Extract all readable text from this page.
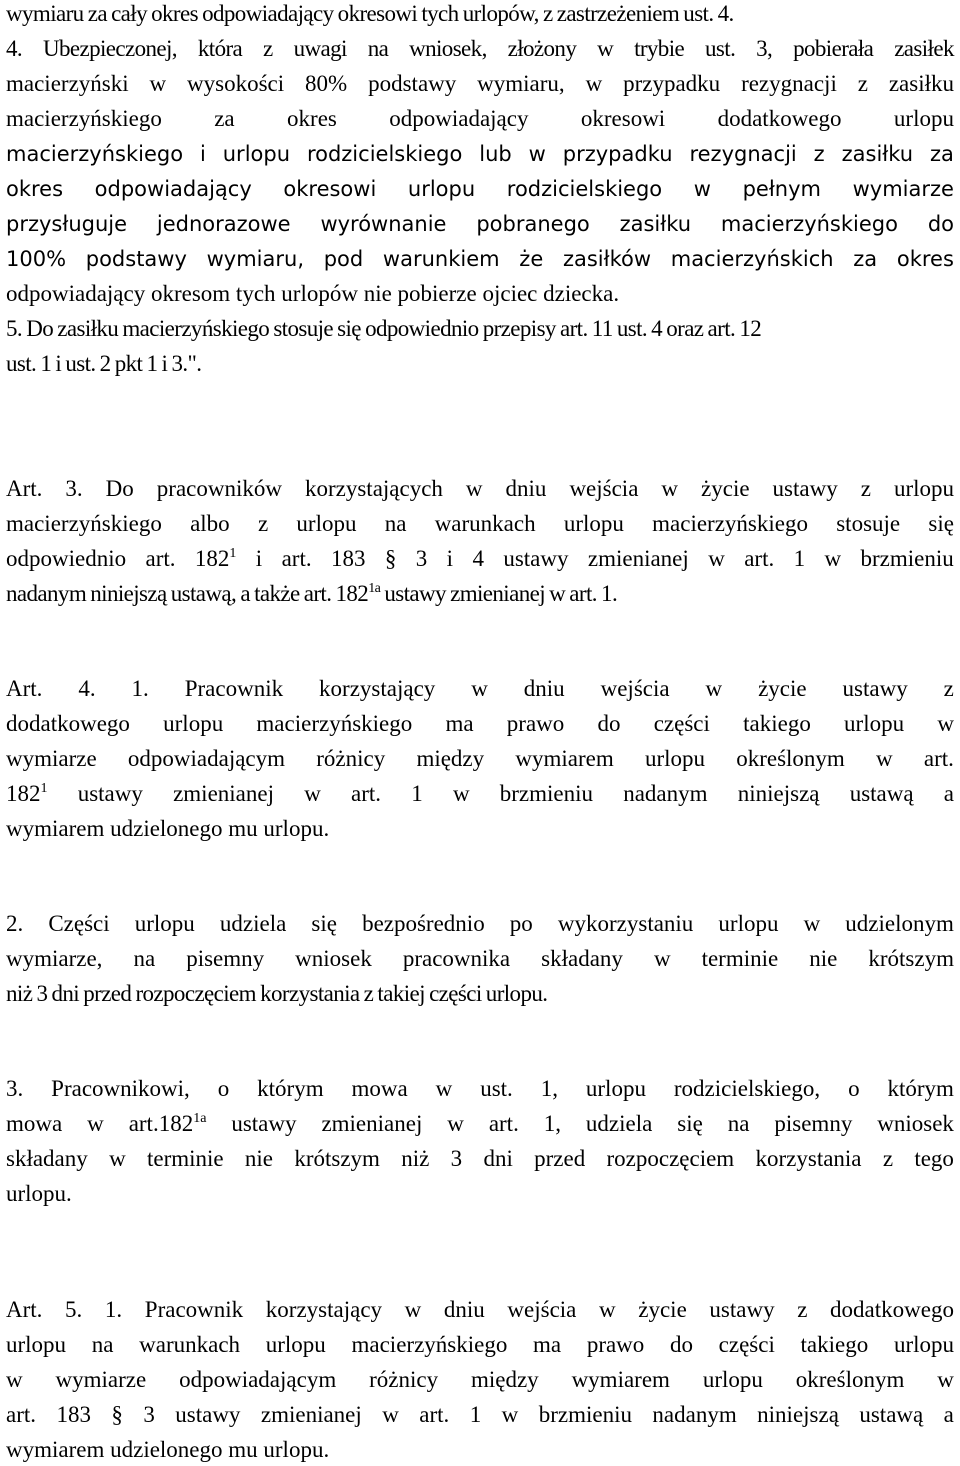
wymiaru za cały okres odpowiadający okresowi tych urlopów, z zastrzeżeniem ust. 4.
4. Ubezpieczonej, która z uwagi na wniosek, złożony w trybie ust. 3, pobierała zasiłek
macierzyński w wysokości 80% podstawy wymiaru, w przypadku rezygnacji z zasiłku
macierzyńskiego za okres odpowiadający okresowi dodatkowego urlopu
macierzyńskiego i urlopu rodzicielskiego lub w przypadku rezygnacji z zasiłku za
okres odpowiadający okresowi urlopu rodzicielskiego w pełnym wymiarze
przysługuje jednorazowe wyrównanie pobranego zasiłku macierzyńskiego do
100% podstawy wymiaru, pod warunkiem że zasiłków macierzyńskich za okres
odpowiadający okresom tych urlopów nie pobierze ojciec dziecka.
5. Do zasiłku macierzyńskiego stosuje się odpowiednio przepisy art. 11 ust. 4 oraz art. 12
ust. 1 i ust. 2 pkt 1 i 3.".
Art. 3. Do pracowników korzystających w dniu wejścia w życie ustawy z urlopu
macierzyńskiego albo z urlopu na warunkach urlopu macierzyńskiego stosuje się
odpowiednio art. $182^1$ i art. 183 § 3 i 4 ustawy zmienianej w art. 1 w brzmieniu
nadanym niniejszą ustawą, a także art. $182^{1a}$ ustawy zmienianej w art. 1.
Art. 4. 1. Pracownik korzystający w dniu wejścia w życie ustawy z
dodatkowego urlopu macierzyńskiego ma prawo do części takiego urlopu w
wymiarze odpowiadającym różnicy między wymiarem urlopu określonym w art.
$182^1$ ustawy zmienianej w art. 1 w brzmieniu nadanym niniejszą ustawą a
wymiarem udzielonego mu urlopu.
2. Części urlopu udziela się bezpośrednio po wykorzystaniu urlopu w udzielonym
wymiarze, na pisemny wniosek pracownika składany w terminie nie krótszym
niż 3 dni przed rozpoczęciem korzystania z takiej części urlopu.
3. Pracownikowi, o którym mowa w ust. 1, urlopu rodzicielskiego, o którym
mowa w $art.182^{1a}$ ustawy zmienianej w art. 1, udziela się na pisemny wniosek
składany w terminie nie krótszym niż 3 dni przed rozpoczęciem korzystania z tego
urlopu.
Art. 5. 1. Pracownik korzystający w dniu wejścia w życie ustawy z dodatkowego
urlopu na warunkach urlopu macierzyńskiego ma prawo do części takiego urlopu
w wymiarze odpowiadającym różnicy między wymiarem urlopu określonym w
art. 183 § 3 ustawy zmienianej w art. 1 w brzmieniu nadanym niniejszą ustawą a
wymiarem udzielonego mu urlopu.
